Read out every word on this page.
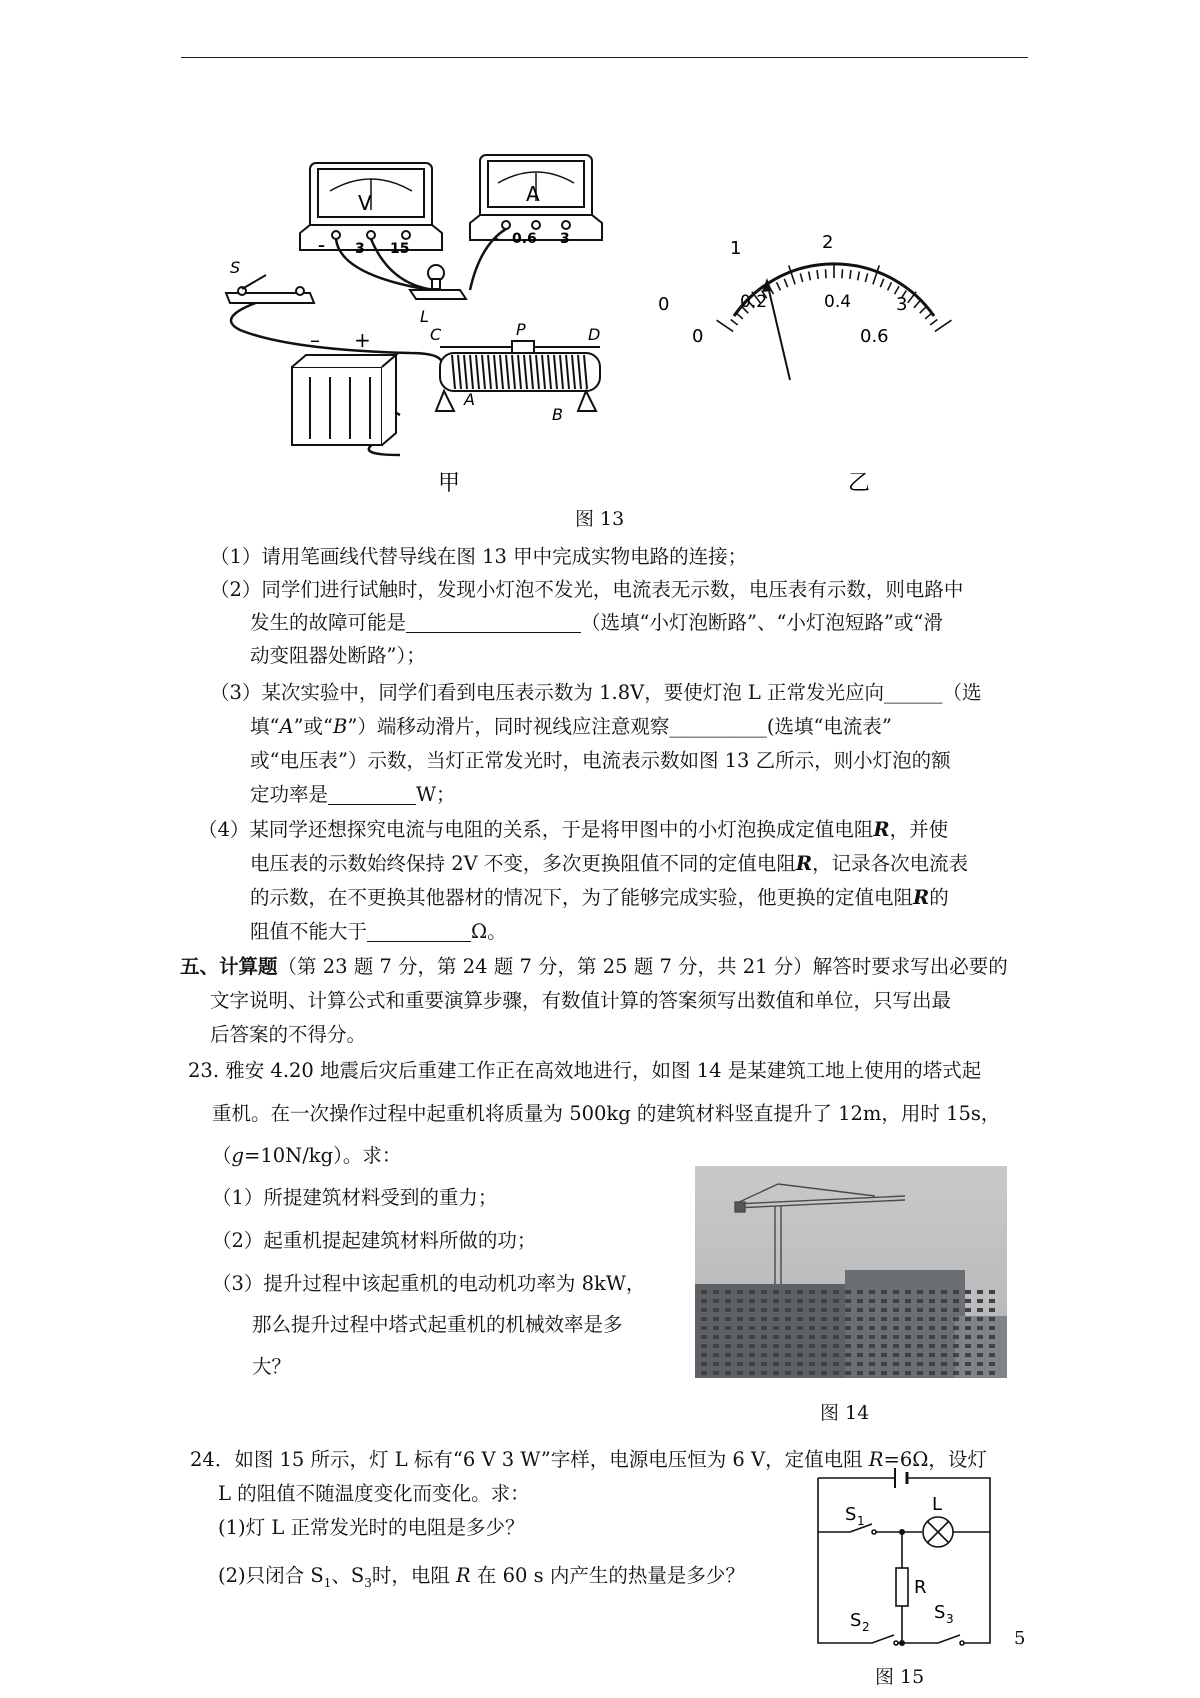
V
– 3 15
A
– 0.6 3
S
L
– +	C	P	D
A
B
甲
0
1	2
3
0
0.2	0.4
0.6
乙
图 13
（1）请用笔画线代替导线在图 13 甲中完成实物电路的连接；
（2）同学们进行试触时，发现小灯泡不发光，电流表无示数，电压表有示数，则电路中
发生的故障可能是	（选填“小灯泡断路”、“小灯泡短路”或“滑
动变阻器处断路”）；
（3）某次实验中，同学们看到电压表示数为 1.8V，要使灯泡 L 正常发光应向______（选
填“A”或“B”）端移动滑片，同时视线应注意观察__________(选填“电流表”
或“电压表”）示数，当灯正常发光时，电流表示数如图 13 乙所示，则小灯泡的额
定功率是	W；
（4）某同学还想探究电流与电阻的关系，于是将甲图中的小灯泡换成定值电阻R，并使
电压表的示数始终保持 2V 不变，多次更换阻值不同的定值电阻R，记录各次电流表
的示数，在不更换其他器材的情况下，为了能够完成实验，他更换的定值电阻R的
阻值不能大于	Ω。
五、计算题（第 23 题 7 分，第 24 题 7 分，第 25 题 7 分，共 21 分）解答时要求写出必要的
文字说明、计算公式和重要演算步骤，有数值计算的答案须写出数值和单位，只写出最
后答案的不得分。
23. 雅安 4.20 地震后灾后重建工作正在高效地进行，如图 14 是某建筑工地上使用的塔式起
重机。在一次操作过程中起重机将质量为 500kg 的建筑材料竖直提升了 12m，用时 15s，
（g=10N/kg）。求：
（1）所提建筑材料受到的重力；
（2）起重机提起建筑材料所做的功；
（3）提升过程中该起重机的电动机功率为 8kW，
那么提升过程中塔式起重机的机械效率是多
大？
图 14
24．如图 15 所示，灯 L 标有“6 V 3 W”字样，电源电压恒为 6 V，定值电阻 R=6Ω，设灯
L 的阻值不随温度变化而变化。求：
(1)灯 L 正常发光时的电阻是多少？
(2)只闭合 $S_1$、$S_3$时，电阻 R 在 60 s 内产生的热量是多少？
S 1
L
R
S 2
S 3
图 15
5
